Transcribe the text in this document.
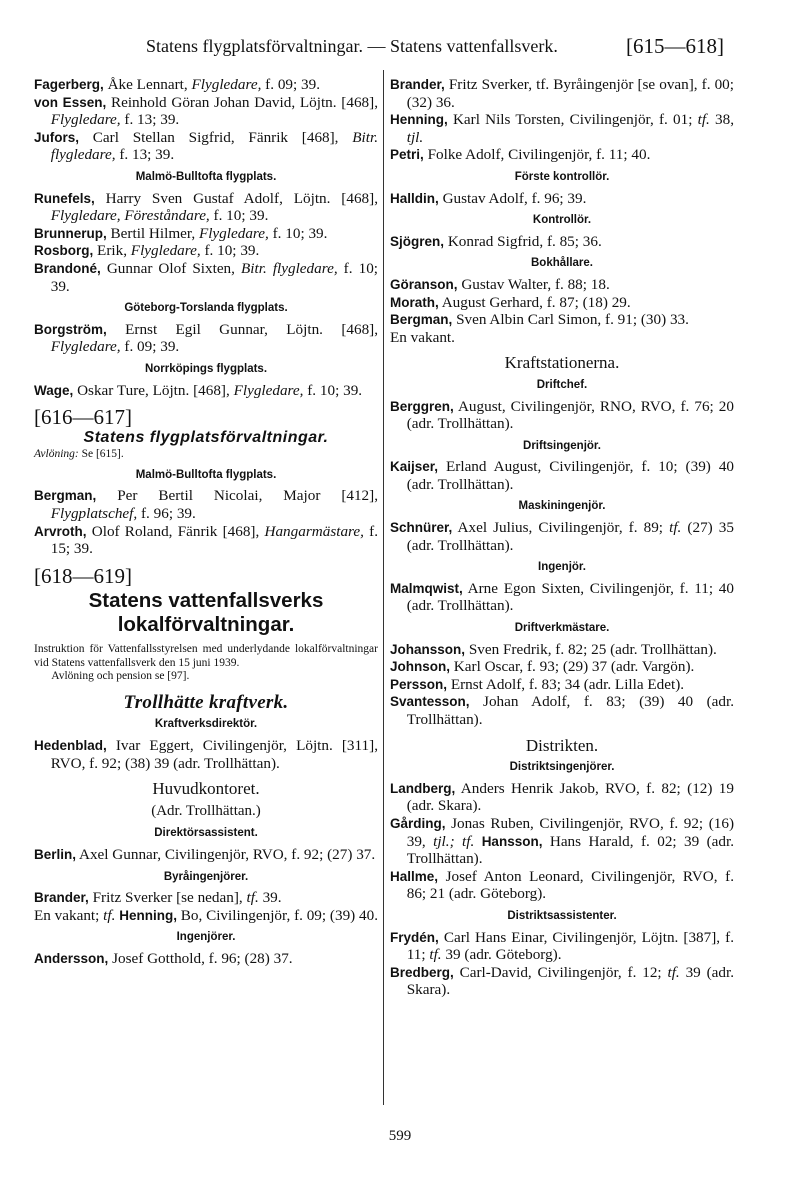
Statens flygplatsförvaltningar. — Statens vattenfallsverk.	[615—618]

Fagerberg, Åke Lennart, Flygledare, f. 09; 39.

von Essen, Reinhold Göran Johan David, Löjtn. [468], Flygledare, f. 13; 39.

Jufors, Carl Stellan Sigfrid, Fänrik [468], Bitr. flygledare, f. 13; 39.

Malmö-Bulltofta flygplats.

Runefels, Harry Sven Gustaf Adolf, Löjtn. [468], Flygledare, Föreståndare, f. 10; 39.

Brunnerup, Bertil Hilmer, Flygledare, f. 10; 39.

Rosborg, Erik, Flygledare, f. 10; 39.

Brandoné, Gunnar Olof Sixten, Bitr. flygledare, f. 10; 39.

Göteborg-Torslanda flygplats.

Borgström, Ernst Egil Gunnar, Löjtn. [468], Flygledare, f. 09; 39.

Norrköpings flygplats.

Wage, Oskar Ture, Löjtn. [468], Flygledare, f. 10; 39.

[616—617]
Statens flygplatsförvaltningar.

Avlöning: Se [615].

Malmö-Bulltofta flygplats.

Bergman, Per Bertil Nicolai, Major [412], Flygplatschef, f. 96; 39.

Arvroth, Olof Roland, Fänrik [468], Hangarmästare, f. 15; 39.

[618—619]
Statens vattenfallsverks lokalförvaltningar.
Instruktion för Vattenfallsstyrelsen med underlydande lokalförvaltningar vid Statens vattenfallsverk den 15 juni 1939.
Avlöning och pension se [97].
Trollhätte kraftverk.
Kraftverksdirektör.

Hedenblad, Ivar Eggert, Civilingenjör, Löjtn. [311], RVO, f. 92; (38) 39 (adr. Trollhättan).

Huvudkontoret.
(Adr. Trollhättan.)
Direktörsassistent.

Berlin, Axel Gunnar, Civilingenjör, RVO, f. 92; (27) 37.

Byråingenjörer.

Brander, Fritz Sverker [se nedan], tf. 39.

En vakant; tf. Henning, Bo, Civilingenjör, f. 09; (39) 40.

Ingenjörer.

Andersson, Josef Gotthold, f. 96; (28) 37.

Brander, Fritz Sverker, tf. Byråingenjör [se ovan], f. 00; (32) 36.

Henning, Karl Nils Torsten, Civilingenjör, f. 01; tf. 38, tjl.

Petri, Folke Adolf, Civilingenjör, f. 11; 40.

Förste kontrollör.

Halldin, Gustav Adolf, f. 96; 39.

Kontrollör.

Sjögren, Konrad Sigfrid, f. 85; 36.

Bokhållare.

Göranson, Gustav Walter, f. 88; 18.

Morath, August Gerhard, f. 87; (18) 29.

Bergman, Sven Albin Carl Simon, f. 91; (30) 33.

En vakant.

Kraftstationerna.
Driftchef.

Berggren, August, Civilingenjör, RNO, RVO, f. 76; 20 (adr. Trollhättan).

Driftsingenjör.

Kaijser, Erland August, Civilingenjör, f. 10; (39) 40 (adr. Trollhättan).

Maskiningenjör.

Schnürer, Axel Julius, Civilingenjör, f. 89; tf. (27) 35 (adr. Trollhättan).

Ingenjör.

Malmqwist, Arne Egon Sixten, Civilingenjör, f. 11; 40 (adr. Trollhättan).

Driftverkmästare.

Johansson, Sven Fredrik, f. 82; 25 (adr. Trollhättan).

Johnson, Karl Oscar, f. 93; (29) 37 (adr. Vargön).

Persson, Ernst Adolf, f. 83; 34 (adr. Lilla Edet).

Svantesson, Johan Adolf, f. 83; (39) 40 (adr. Trollhättan).

Distrikten.
Distriktsingenjörer.

Landberg, Anders Henrik Jakob, RVO, f. 82; (12) 19 (adr. Skara).

Gårding, Jonas Ruben, Civilingenjör, RVO, f. 92; (16) 39, tjl.; tf. Hansson, Hans Harald, f. 02; 39 (adr. Trollhättan).

Hallme, Josef Anton Leonard, Civilingenjör, RVO, f. 86; 21 (adr. Göteborg).

Distriktsassistenter.

Frydén, Carl Hans Einar, Civilingenjör, Löjtn. [387], f. 11; tf. 39 (adr. Göteborg).

Bredberg, Carl-David, Civilingenjör, f. 12; tf. 39 (adr. Skara).

599
